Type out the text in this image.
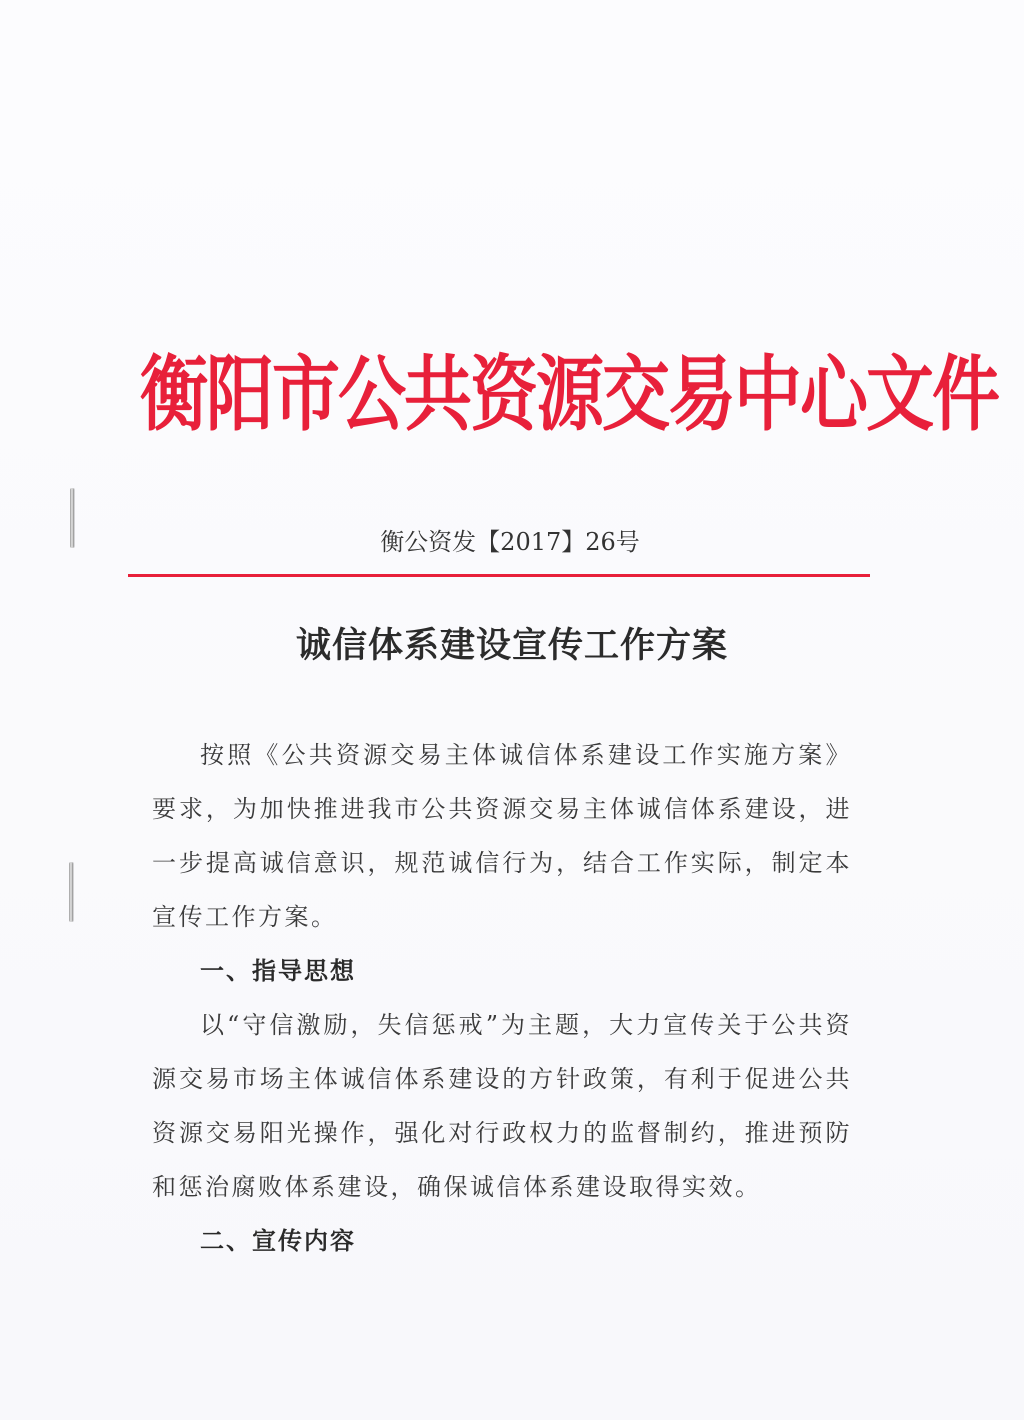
衡阳市公共资源交易中心文件
衡公资发【2017】26号
诚信体系建设宣传工作方案

按照《公共资源交易主体诚信体系建设工作实施方案》要求，为加快推进我市公共资源交易主体诚信体系建设，进一步提高诚信意识，规范诚信行为，结合工作实际，制定本宣传工作方案。

一、指导思想

以“守信激励，失信惩戒”为主题，大力宣传关于公共资源交易市场主体诚信体系建设的方针政策，有利于促进公共资源交易阳光操作，强化对行政权力的监督制约，推进预防和惩治腐败体系建设，确保诚信体系建设取得实效。

二、宣传内容
